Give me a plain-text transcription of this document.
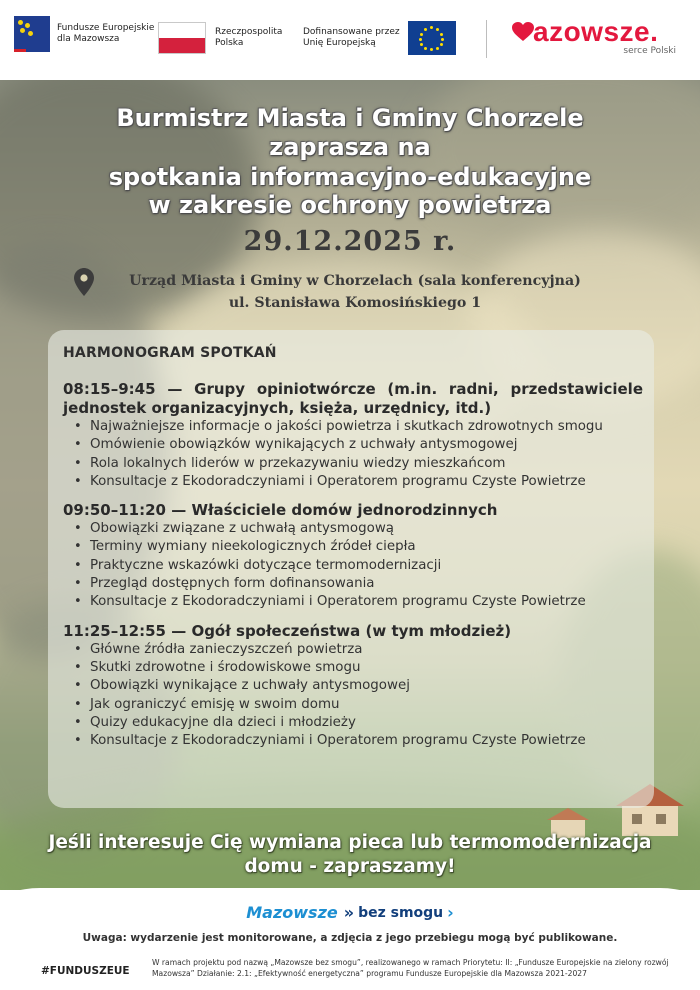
Fundusze Europejskie
dla Mazowsza
Rzeczpospolita
Polska
Dofinansowane przez
Unię Europejską	azowsze.
serce Polski
Burmistrz Miasta i Gminy Chorzele
zaprasza na
spotkania informacyjno-edukacyjne
w zakresie ochrony powietrza
29.12.2025 r.
Urząd Miasta i Gminy w Chorzelach (sala konferencyjna)
ul. Stanisława Komosińskiego 1
HARMONOGRAM SPOTKAŃ
08:15–9:45 — Grupy opiniotwórcze (m.in. radni, przedstawiciele jednostek organizacyjnych, księża, urzędnicy, itd.)
• Najważniejsze informacje o jakości powietrza i skutkach zdrowotnych smogu
• Omówienie obowiązków wynikających z uchwały antysmogowej
• Rola lokalnych liderów w przekazywaniu wiedzy mieszkańcom
• Konsultacje z Ekodoradczyniami i Operatorem programu Czyste Powietrze
09:50–11:20 — Właściciele domów jednorodzinnych
• Obowiązki związane z uchwałą antysmogową
• Terminy wymiany nieekologicznych źródeł ciepła
• Praktyczne wskazówki dotyczące termomodernizacji
• Przegląd dostępnych form dofinansowania
• Konsultacje z Ekodoradczyniami i Operatorem programu Czyste Powietrze
11:25–12:55 — Ogół społeczeństwa (w tym młodzież)
• Główne źródła zanieczyszczeń powietrza
• Skutki zdrowotne i środowiskowe smogu
• Obowiązki wynikające z uchwały antysmogowej
• Jak ograniczyć emisję w swoim domu
• Quizy edukacyjne dla dzieci i młodzieży
• Konsultacje z Ekodoradczyniami i Operatorem programu Czyste Powietrze
Jeśli interesuje Cię wymiana pieca lub termomodernizacja
domu - zapraszamy!
Mazowsze » bez smogu ›
Uwaga: wydarzenie jest monitorowane, a zdjęcia z jego przebiegu mogą być publikowane.
#FUNDUSZEUE
W ramach projektu pod nazwą „Mazowsze bez smogu”, realizowanego w ramach Priorytetu: II: „Fundusze Europejskie na zielony rozwój Mazowsza” Działanie: 2.1: „Efektywność energetyczna” programu Fundusze Europejskie dla Mazowsza 2021-2027
